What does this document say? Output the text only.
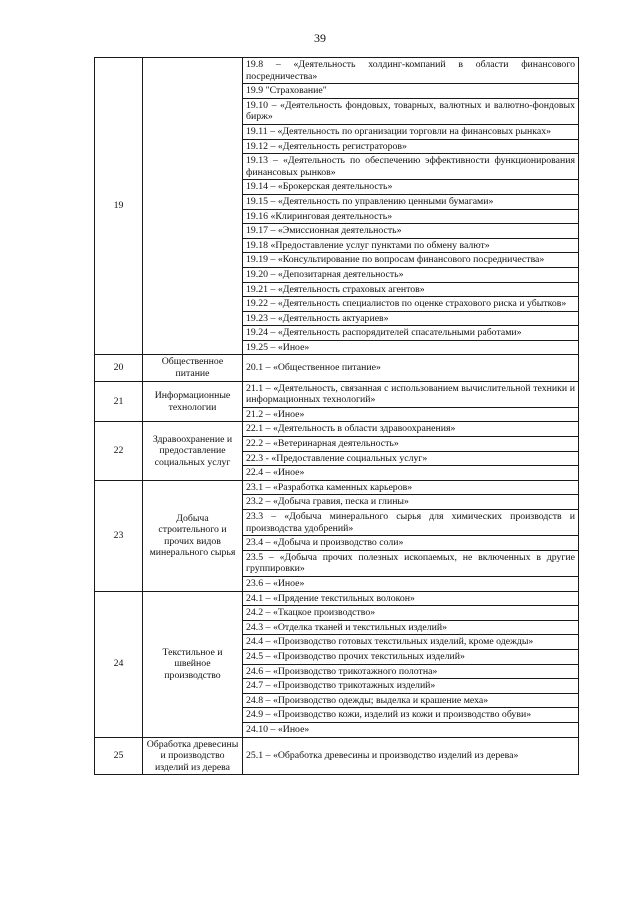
39
19		19.8 – «Деятельность холдинг-компаний в области финансового посредничества»
		19.9 "Страхование"
		19.10 – «Деятельность фондовых, товарных, валютных и валютно-фондовых бирж»
		19.11 – «Деятельность по организации торговли на финансовых рынках»
		19.12 – «Деятельность регистраторов»
		19.13 – «Деятельность по обеспечению эффективности функционирования финансовых рынков»
		19.14 – «Брокерская деятельность»
		19.15 – «Деятельность по управлению ценными бумагами»
		19.16 «Клиринговая деятельность»
		19.17 – «Эмиссионная деятельность»
		19.18 «Предоставление услуг пунктами по обмену валют»
		19.19 – «Консультирование по вопросам финансового посредничества»
		19.20 – «Депозитарная деятельность»
		19.21 – «Деятельность страховых агентов»
		19.22 – «Деятельность специалистов по оценке страхового риска и убытков»
		19.23 – «Деятельность актуариев»
		19.24 – «Деятельность распорядителей спасательными работами»
		19.25 – «Иное»
20	Общественное питание	20.1 – «Общественное питание»
21	Информационные технологии	21.1 – «Деятельность, связанная с использованием вычислительной техники и информационных технологий»
		21.2 – «Иное»
22	Здравоохранение и предоставление социальных услуг	22.1 – «Деятельность в области здравоохранения»
		22.2 – «Ветеринарная деятельность»
		22.3 - «Предоставление социальных услуг»
		22.4 – «Иное»
23	Добыча строительного и прочих видов минерального сырья	23.1 – «Разработка каменных карьеров»
		23.2 – «Добыча гравия, песка и глины»
		23.3 – «Добыча минерального сырья для химических производств и производства удобрений»
		23.4 – «Добыча и производство соли»
		23.5 – «Добыча прочих полезных ископаемых, не включенных в другие группировки»
		23.6 – «Иное»
24	Текстильное и швейное производство	24.1 – «Прядение текстильных волокон»
		24.2 – «Ткацкое производство»
		24.3 – «Отделка тканей и текстильных изделий»
		24.4 – «Производство готовых текстильных изделий, кроме одежды»
		24.5 – «Производство прочих текстильных изделий»
		24.6 – «Производство трикотажного полотна»
		24.7 – «Производство трикотажных изделий»
		24.8 – «Производство одежды; выделка и крашение меха»
		24.9 – «Производство кожи, изделий из кожи и производство обуви»
		24.10 – «Иное»
25	Обработка древесины и производство изделий из дерева	25.1 – «Обработка древесины и производство изделий из дерева»
